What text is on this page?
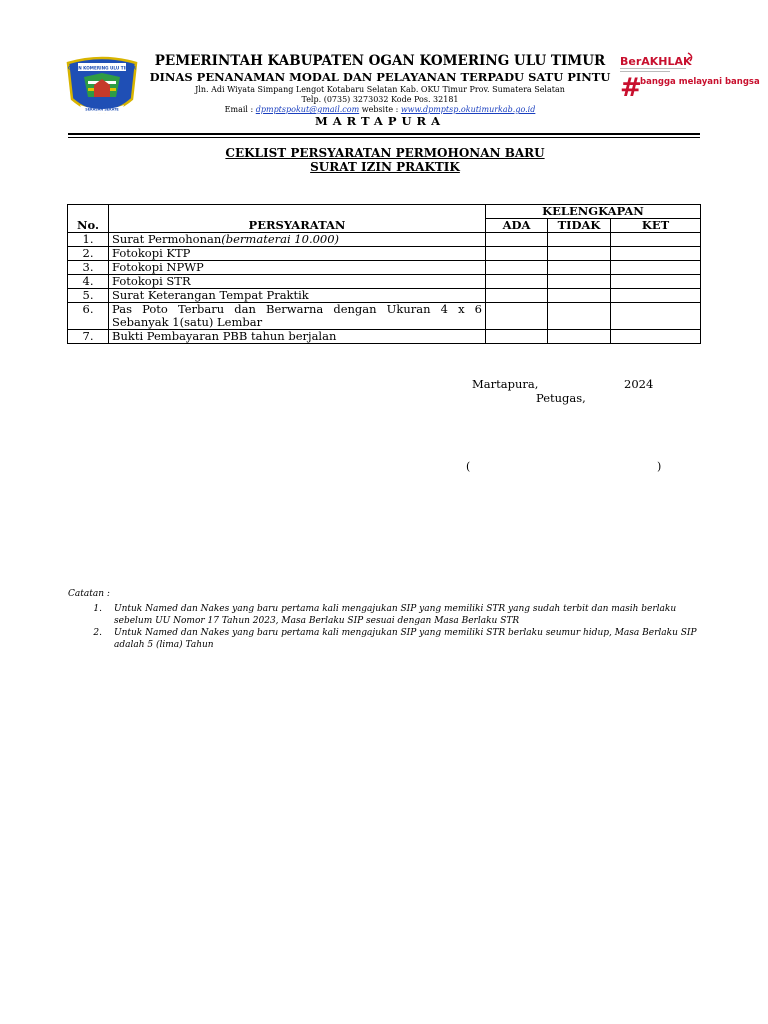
OGAN KOMERING ULU TIMUR
SERASAN SEKATE
BerAKHLAK
#
bangga melayani bangsa
PEMERINTAH KABUPATEN OGAN KOMERING ULU TIMUR
DINAS PENANAMAN MODAL DAN PELAYANAN TERPADU SATU PINTU
Jln. Adi Wiyata Simpang Lengot Kotabaru Selatan Kab. OKU Timur Prov. Sumatera Selatan
Telp. (0735) 3273032 Kode Pos. 32181
Email : dpmptspokut@gmail.com website : www.dpmptsp.okutimurkab.go.id
MARTAPURA
CEKLIST PERSYARATAN PERMOHONAN BARU
SURAT IZIN PRAKTIK
No.	PERSYARATAN	KELENGKAPAN		
		ADA	TIDAK	KET
1.	Surat Permohonan(bermaterai 10.000)			
2.	Fotokopi KTP			
3.	Fotokopi NPWP			
4.	Fotokopi STR			
5.	Surat Keterangan Tempat Praktik			
6.	Pas Poto Terbaru dan Berwarna dengan Ukuran 4 x 6 Sebanyak 1(satu) Lembar			
7.	Bukti Pembayaran PBB tahun berjalan			
Martapura,	2024
Petugas,
(	)
Catatan :
1.	Untuk Named dan Nakes yang baru pertama kali mengajukan SIP yang memiliki STR yang sudah terbit dan masih berlaku sebelum UU Nomor 17 Tahun 2023, Masa Berlaku SIP sesuai dengan Masa Berlaku STR
2.	Untuk Named dan Nakes yang baru pertama kali mengajukan SIP yang memiliki STR berlaku seumur hidup, Masa Berlaku SIP adalah 5 (lima) Tahun
